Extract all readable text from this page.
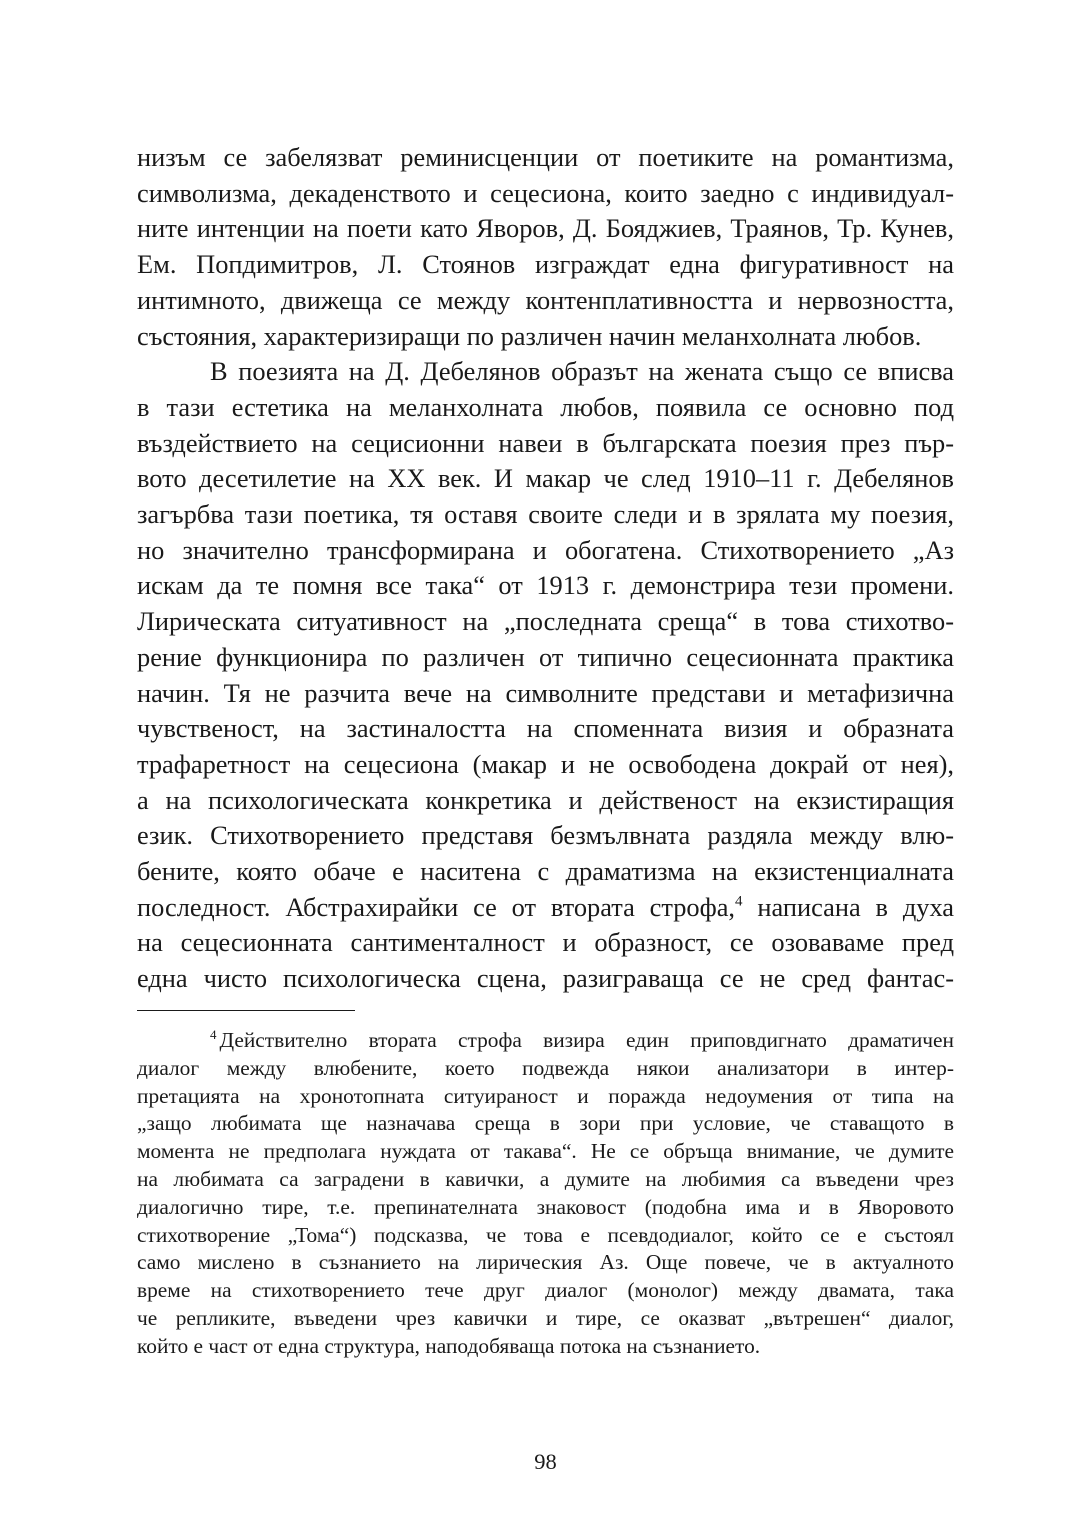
низъм се забелязват реминисценции от поетиките на романтизма,
символизма, декаденството и сецесиона, които заедно с индивидуал-
ните интенции на поети като Яворов, Д. Бояджиев, Траянов, Тр. Кунев,
Ем. Попдимитров, Л. Стоянов изграждат една фигуративност на
интимното, движеща се между контенплативността и нервозността,
състояния, характеризиращи по различен начин меланхолната любов.

В поезията на Д. Дебелянов образът на жената също се вписва
в тази естетика на меланхолната любов, появила се основно под
въздействието на сецисионни навеи в българската поезия през пър-
вото десетилетие на ХХ век. И макар че след 1910–11 г. Дебелянов
загърбва тази поетика, тя оставя своите следи и в зрялата му поезия,
но значително трансформирана и обогатена. Стихотворението „Аз
искам да те помня все така“ от 1913 г. демонстрира тези промени.
Лирическата ситуативност на „последната среща“ в това стихотво-
рение функционира по различен от типично сецесионната практика
начин. Тя не разчита вече на символните представи и метафизична
чувственост, на застиналостта на споменната визия и образната
трафаретност на сецесиона (макар и не освободена докрай от нея),
а на психологическата конкретика и действеност на екзистиращия
език. Стихотворението представя безмълвната раздяла между влю-
бените, която обаче е наситена с драматизма на екзистенциалната
последност. Абстрахирайки се от втората строфа,$^4$ написана в духа
на сецесионната сантименталност и образност, се озоваваме пред
една чисто психологическа сцена, разиграваща се не сред фантас-

$^4$ Действително втората строфа визира един приповдигнато драматичен
диалог между влюбените, което подвежда някои анализатори в интер-
претацията на хронотопната ситуираност и поражда недоумения от типа на
„защо любимата ще назначава среща в зори при условие, че ставащото в
момента не предполага нуждата от такава“. Не се обръща внимание, че думите
на любимата са заградени в кавички, а думите на любимия са въведени чрез
диалогично тире, т.е. препинателната знаковост (подобна има и в Яворовото
стихотворение „Тома“) подсказва, че това е псевдодиалог, който се е състоял
само мислено в съзнанието на лирическия Аз. Още повече, че в актуалното
време на стихотворението тече друг диалог (монолог) между двамата, така
че репликите, въведени чрез кавички и тире, се оказват „вътрешен“ диалог,
който е част от една структура, наподобяваща потока на съзнанието.
98
